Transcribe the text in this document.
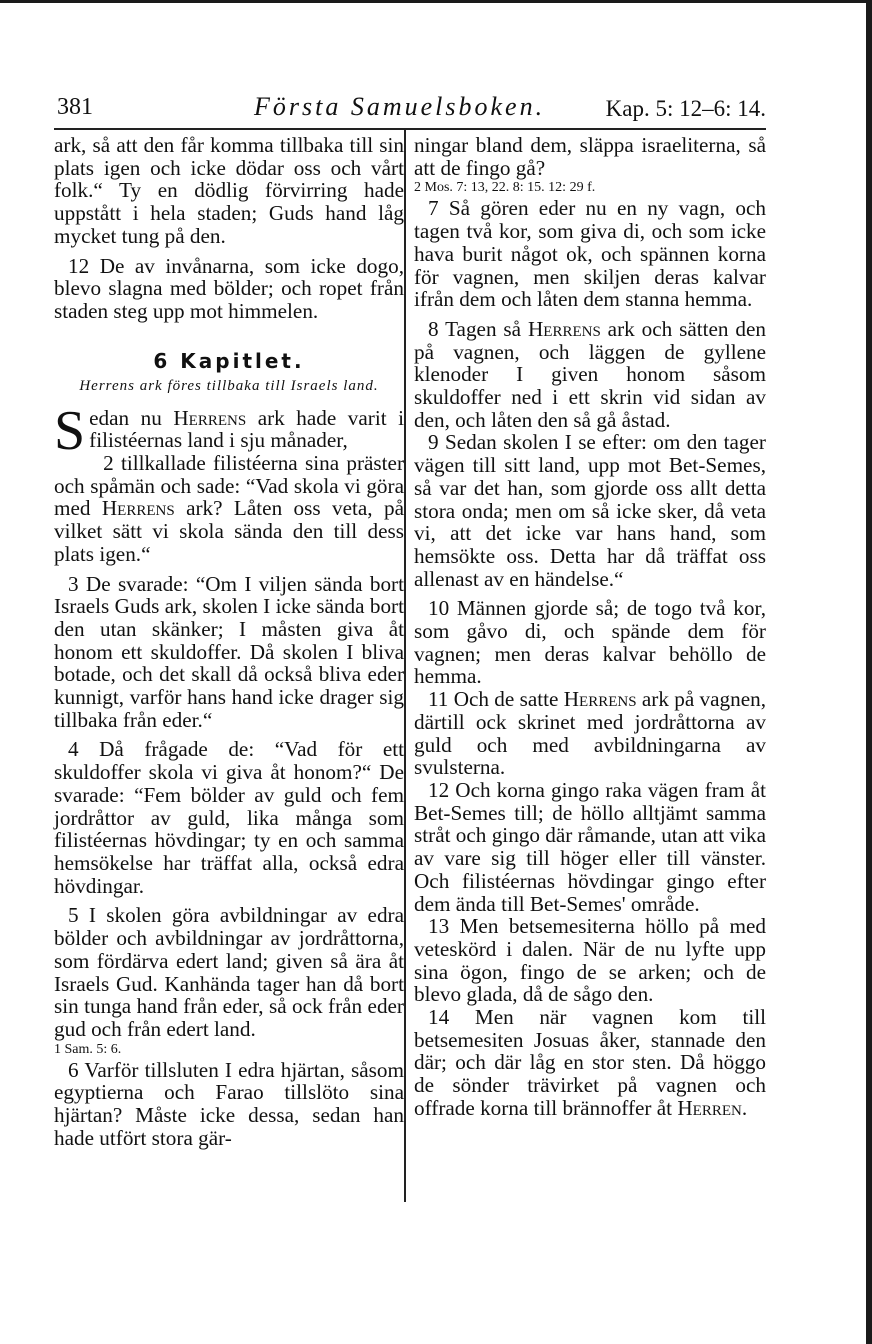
381	Första Samuelsboken.	Kap. 5: 12–6: 14.

ark, så att den får komma tillbaka till sin plats igen och icke dödar oss och vårt folk.“ Ty en dödlig förvirring hade uppstått i hela staden; Guds hand låg mycket tung på den.

12 De av invånarna, som icke dogo, blevo slagna med bölder; och ropet från staden steg upp mot himmelen.

6 Kapitlet.
Herrens ark föres tillbaka till Israels land.

Sedan nu Herrens ark hade varit i filistéernas land i sju månader,

2 tillkallade filistéerna sina präster och spåmän och sade: “Vad skola vi göra med Herrens ark? Låten oss veta, på vilket sätt vi skola sända den till dess plats igen.“

3 De svarade: “Om I viljen sända bort Israels Guds ark, skolen I icke sända bort den utan skänker; I måsten giva åt honom ett skuldoffer. Då skolen I bliva botade, och det skall då också bliva eder kunnigt, varför hans hand icke drager sig tillbaka från eder.“

4 Då frågade de: “Vad för ett skuldoffer skola vi giva åt honom?“ De svarade: “Fem bölder av guld och fem jordråttor av guld, lika många som filistéernas hövdingar; ty en och samma hemsökelse har träffat alla, också edra hövdingar.

5 I skolen göra avbildningar av edra bölder och avbildningar av jordråttorna, som fördärva edert land; given så ära åt Israels Gud. Kanhända tager han då bort sin tunga hand från eder, så ock från eder gud och från edert land.

1 Sam. 5: 6.

6 Varför tillsluten I edra hjärtan, såsom egyptierna och Farao tillslöto sina hjärtan? Måste icke dessa, sedan han hade utfört stora gär-

ningar bland dem, släppa israeliterna, så att de fingo gå?

2 Mos. 7: 13, 22. 8: 15. 12: 29 f.

7 Så gören eder nu en ny vagn, och tagen två kor, som giva di, och som icke hava burit något ok, och spännen korna för vagnen, men skiljen deras kalvar ifrån dem och låten dem stanna hemma.

8 Tagen så Herrens ark och sätten den på vagnen, och läggen de gyllene klenoder I given honom såsom skuldoffer ned i ett skrin vid sidan av den, och låten den så gå åstad.

9 Sedan skolen I se efter: om den tager vägen till sitt land, upp mot Bet-Semes, så var det han, som gjorde oss allt detta stora onda; men om så icke sker, då veta vi, att det icke var hans hand, som hemsökte oss. Detta har då träffat oss allenast av en händelse.“

10 Männen gjorde så; de togo två kor, som gåvo di, och spände dem för vagnen; men deras kalvar behöllo de hemma.

11 Och de satte Herrens ark på vagnen, därtill ock skrinet med jordråttorna av guld och med avbildningarna av svulsterna.

12 Och korna gingo raka vägen fram åt Bet-Semes till; de höllo alltjämt samma stråt och gingo där råmande, utan att vika av vare sig till höger eller till vänster. Och filistéernas hövdingar gingo efter dem ända till Bet-Semes' område.

13 Men betsemesiterna höllo på med veteskörd i dalen. När de nu lyfte upp sina ögon, fingo de se arken; och de blevo glada, då de sågo den.

14 Men när vagnen kom till betsemesiten Josuas åker, stannade den där; och där låg en stor sten. Då höggo de sönder trävirket på vagnen och offrade korna till brännoffer åt Herren.
